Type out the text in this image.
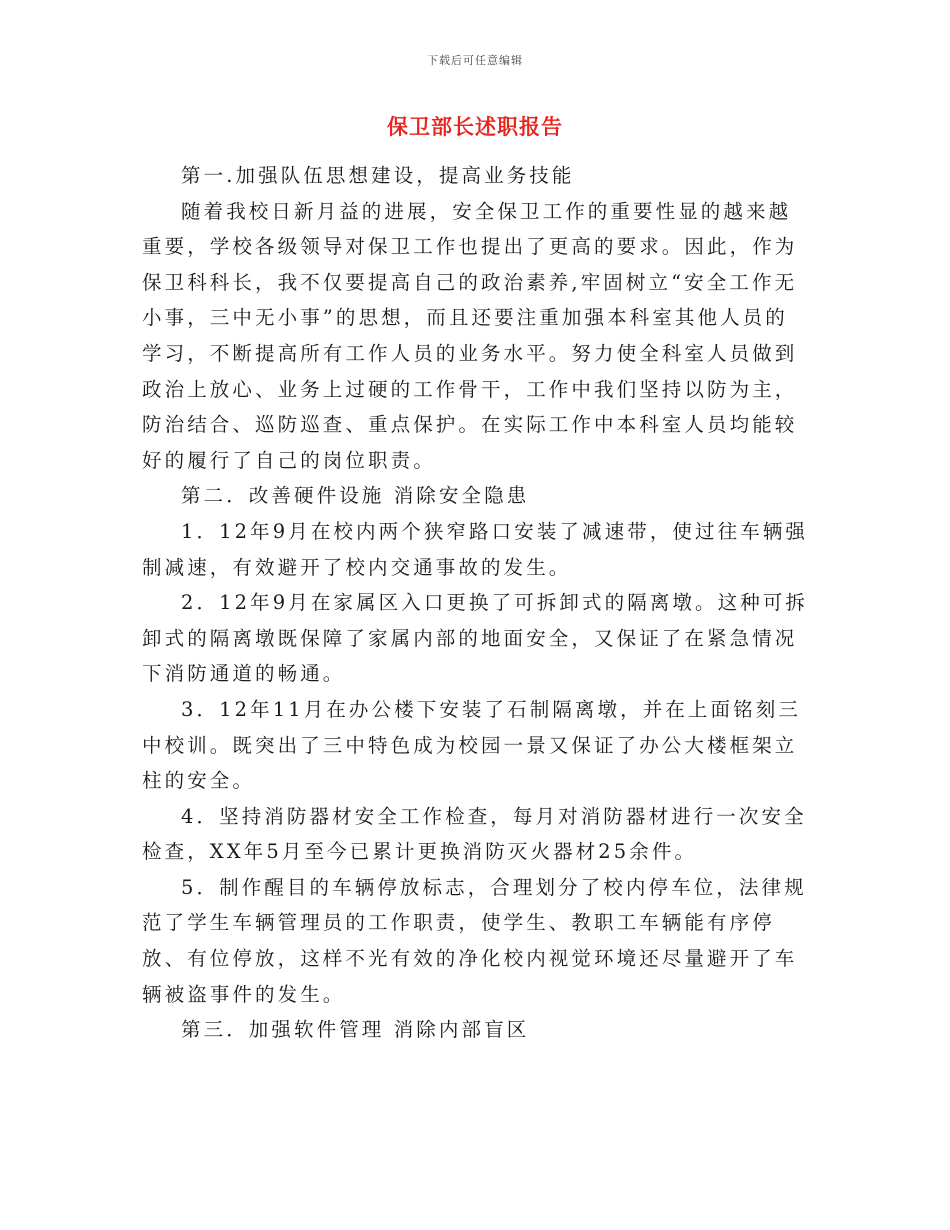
下载后可任意编辑
保卫部长述职报告

第一.加强队伍思想建设，提高业务技能

随着我校日新月益的进展，安全保卫工作的重要性显的越来越重要，学校各级领导对保卫工作也提出了更高的要求。因此，作为保卫科科长，我不仅要提高自己的政治素养,牢固树立“安全工作无小事，三中无小事”的思想，而且还要注重加强本科室其他人员的学习，不断提高所有工作人员的业务水平。努力使全科室人员做到政治上放心、业务上过硬的工作骨干，工作中我们坚持以防为主，防治结合、巡防巡查、重点保护。在实际工作中本科室人员均能较好的履行了自己的岗位职责。

第二．改善硬件设施 消除安全隐患

1．12年9月在校内两个狭窄路口安装了减速带，使过往车辆强制减速，有效避开了校内交通事故的发生。

2．12年9月在家属区入口更换了可拆卸式的隔离墩。这种可拆卸式的隔离墩既保障了家属内部的地面安全，又保证了在紧急情况下消防通道的畅通。

3．12年11月在办公楼下安装了石制隔离墩，并在上面铭刻三中校训。既突出了三中特色成为校园一景又保证了办公大楼框架立柱的安全。

4．坚持消防器材安全工作检查，每月对消防器材进行一次安全检查，XX年5月至今已累计更换消防灭火器材25余件。

5．制作醒目的车辆停放标志，合理划分了校内停车位，法律规范了学生车辆管理员的工作职责，使学生、教职工车辆能有序停放、有位停放，这样不光有效的净化校内视觉环境还尽量避开了车辆被盗事件的发生。

第三．加强软件管理 消除内部盲区
